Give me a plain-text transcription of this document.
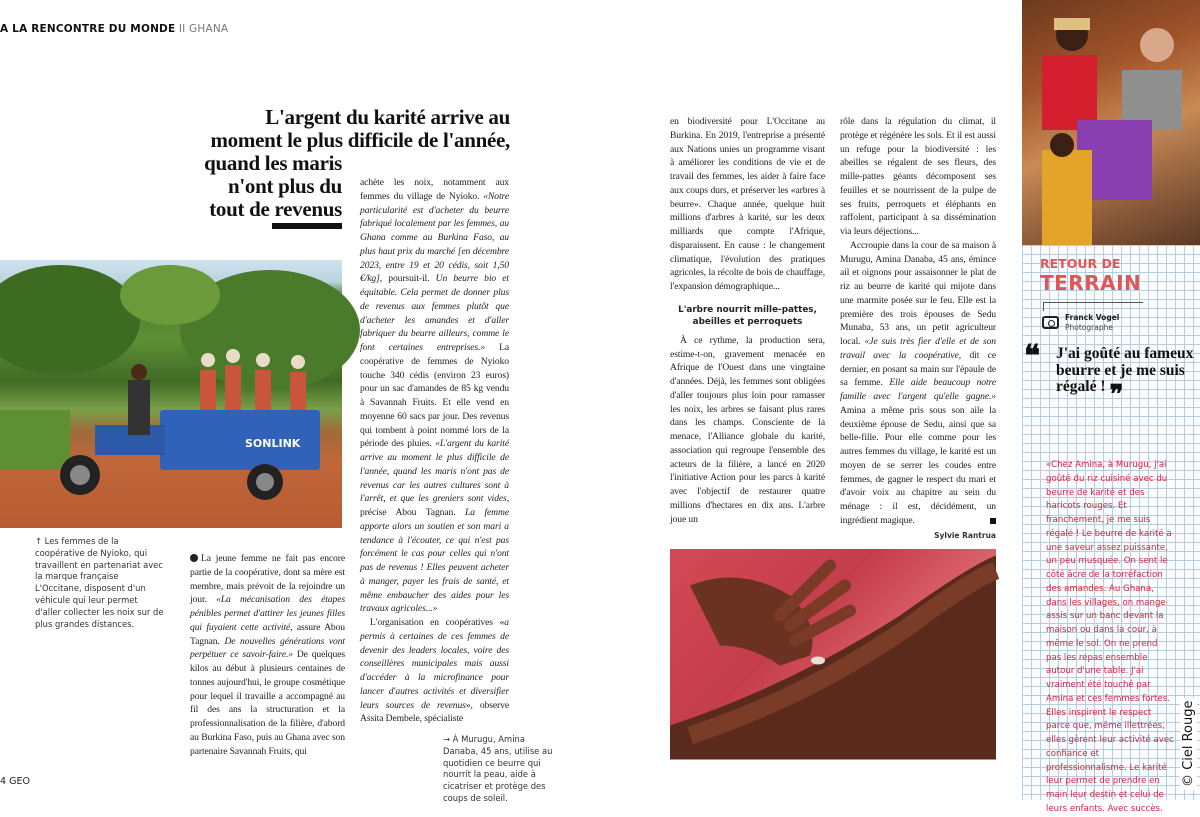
A LA RENCONTRE DU MONDE II GHANA
L'argent du karité arrive au
moment le plus difficile de l'année,
quand les maris
n'ont plus du
tout de revenus
SONLINK
↑ Les femmes de la coopérative de Nyioko, qui travaillent en partenariat avec la marque française L'Occitane, disposent d'un véhicule qui leur permet d'aller collecter les noix sur de plus grandes distances.

La jeune femme ne fait pas encore partie de la coopérative, dont sa mère est membre, mais prévoit de la rejoindre un jour. «La mécanisation des étapes pénibles permet d'attirer les jeunes filles qui fuyaient cette activité, assure Abou Tagnan. De nouvelles générations vont perpétuer ce savoir-faire.» De quelques kilos au début à plusieurs centaines de tonnes aujourd'hui, le groupe cosmétique pour lequel il travaille a accompagné au fil des ans la structuration et la professionnalisation de la filière, d'abord au Burkina Faso, puis au Ghana avec son partenaire Savannah Fruits, qui

achète les noix, notamment aux femmes du village de Nyioko. «Notre particularité est d'acheter du beurre fabriqué localement par les femmes, au Ghana comme au Burkina Faso, au plus haut prix du marché [en décembre 2023, entre 19 et 20 cédis, soit 1,50 €/kg], poursuit-il. Un beurre bio et équitable. Cela permet de donner plus de revenus aux femmes plutôt que d'acheter les amandes et d'aller fabriquer du beurre ailleurs, comme le font certaines entreprises.» La coopérative de femmes de Nyioko touche 340 cédis (environ 23 euros) pour un sac d'amandes de 85 kg vendu à Savannah Fruits. Et elle vend en moyenne 60 sacs par jour. Des revenus qui tombent à point nommé lors de la période des pluies. «L'argent du karité arrive au moment le plus difficile de l'année, quand les maris n'ont pas de revenus car les autres cultures sont à l'arrêt, et que les greniers sont vides, précise Abou Tagnan. La femme apporte alors un soutien et son mari a tendance à l'écouter, ce qui n'est pas forcément le cas pour celles qui n'ont pas de revenus ! Elles peuvent acheter à manger, payer les frais de santé, et même embaucher des aides pour les travaux agricoles...»

L'organisation en coopératives «a permis à certaines de ces femmes de devenir des leaders locales, voire des conseillères municipales mais aussi d'accéder à la microfinance pour lancer d'autres activités et diversifier leurs sources de revenus», observe Assita Dembele, spécialiste

en biodiversité pour L'Occitane au Burkina. En 2019, l'entreprise a présenté aux Nations unies un programme visant à améliorer les conditions de vie et de travail des femmes, les aider à faire face aux coups durs, et préserver les «arbres à beurre». Chaque année, quelque huit millions d'arbres à karité, sur les deux milliards que compte l'Afrique, disparaissent. En cause : le changement climatique, l'évolution des pratiques agricoles, la récolte de bois de chauffage, l'expansion démographique...

L'arbre nourrit mille-pattes, abeilles et perroquets

À ce rythme, la production sera, estime-t-on, gravement menacée en Afrique de l'Ouest dans une vingtaine d'années. Déjà, les femmes sont obligées d'aller toujours plus loin pour ramasser les noix, les arbres se faisant plus rares dans les champs. Consciente de la menace, l'Alliance globale du karité, association qui regroupe l'ensemble des acteurs de la filière, a lancé en 2020 l'initiative Action pour les parcs à karité avec l'objectif de restaurer quatre millions d'hectares en dix ans. L'arbre joue un

rôle dans la régulation du climat, il protège et régénère les sols. Et il est aussi un refuge pour la biodiversité : les abeilles se régalent de ses fleurs, des mille-pattes géants décomposent ses feuilles et se nourrissent de la pulpe de ses fruits, perroquets et éléphants en raffolent, participant à sa dissémination via leurs déjections...

Accroupie dans la cour de sa maison à Murugu, Amina Danaba, 45 ans, émince ail et oignons pour assaisonner le plat de riz au beurre de karité qui mijote dans une marmite posée sur le feu. Elle est la première des trois épouses de Sedu Munaba, 53 ans, un petit agriculteur local. «Je suis très fier d'elle et de son travail avec la coopérative, dit ce dernier, en posant sa main sur l'épaule de sa femme. Elle aide beaucoup notre famille avec l'argent qu'elle gagne.» Amina a même pris sous son aile la deuxième épouse de Sedu, ainsi que sa belle-fille. Pour elle comme pour les autres femmes du village, le karité est un moyen de se serrer les coudes entre femmes, de gagner le respect du mari et d'avoir voix au chapitre au sein du ménage : il est, décidément, un ingrédient magique.

Sylvie Rantrua
→ À Murugu, Amina Danaba, 45 ans, utilise au quotidien ce beurre qui nourrit la peau, aide à cicatriser et protège des coups de soleil.
RETOUR DE
TERRAIN
Franck Vogel
Photographe
❝ J'ai goûté au fameux beurre et je me suis régalé ! ❞
«Chez Amina, à Murugu, j'ai goûté du riz cuisiné avec du beurre de karité et des haricots rouges. Et franchement, je me suis régalé ! Le beurre de karité a une saveur assez puissante, un peu musquée. On sent le côté âcre de la torréfaction des amandes. Au Ghana, dans les villages, on mange assis sur un banc devant la maison ou dans la cour, à même le sol. On ne prend pas les repas ensemble autour d'une table. J'ai vraiment été touché par Amina et ces femmes fortes. Elles inspirent le respect parce que, même illettrées, elles gèrent leur activité avec confiance et professionnalisme. Le karité leur permet de prendre en main leur destin et celui de leurs enfants. Avec succès.
© Ciel Rouge
4 GEO
